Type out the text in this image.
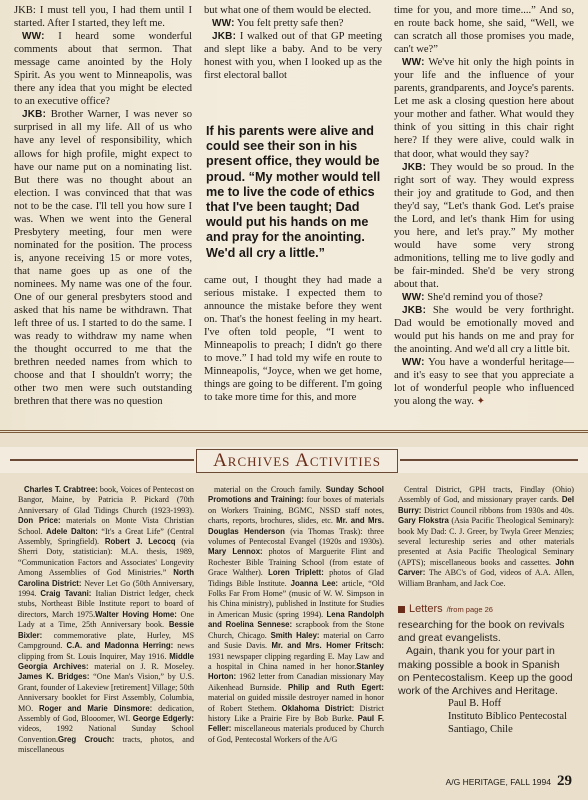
JKB: I must tell you, I had them until I started. After I started, they left me.

WW: I heard some wonderful comments about that sermon. That message came anointed by the Holy Spirit. As you went to Minneapolis, was there any idea that you might be elected to an executive office?

JKB: Brother Warner, I was never so surprised in all my life. All of us who have any level of responsibility, which allows for high profile, might expect to have our name put on a nominating list. But there was no thought about an election. I was convinced that that was not to be the case. I'll tell you how sure I was. When we went into the General Presbytery meeting, four men were nominated for the position. The process is, anyone receiving 15 or more votes, that name goes up as one of the nominees. My name was one of the four. One of our general presbyters stood and asked that his name be withdrawn. That left three of us. I started to do the same. I was ready to withdraw my name when the thought occurred to me that the brethren needed names from which to choose and that I shouldn't worry; the other two men were such outstanding brethren that there was no question

but what one of them would be elected.

WW: You felt pretty safe then?

JKB: I walked out of that GP meeting and slept like a baby. And to be very honest with you, when I looked up as the first electoral ballot

came out, I thought they had made a serious mistake. I expected them to announce the mistake before they went on. That's the honest feeling in my heart. I've often told people, “I went to Minneapolis to preach; I didn't go there to move.” I had told my wife en route to Minneapolis, “Joyce, when we get home, things are going to be different. I'm going to take more time for this, and more

If his parents were alive and could see their son in his present office, they would be proud. “My mother would tell me to live the code of ethics that I've been taught; Dad would put his hands on me and pray for the anointing. We'd all cry a little.”

time for you, and more time....” And so, en route back home, she said, “Well, we can scratch all those promises you made, can't we?”

WW: We've hit only the high points in your life and the influence of your parents, grandparents, and Joyce's parents. Let me ask a closing question here about your mother and father. What would they think of you sitting in this chair right here? If they were alive, could walk in that door, what would they say?

JKB: They would be so proud. In the right sort of way. They would express their joy and gratitude to God, and then they'd say, “Let's thank God. Let's praise the Lord, and let's thank Him for using you here, and let's pray.” My mother would have some very strong admonitions, telling me to live godly and be fair-minded. She'd be very strong about that.

WW: She'd remind you of those?

JKB: She would be very forthright. Dad would be emotionally moved and would put his hands on me and pray for the anointing. And we'd all cry a little bit.

WW: You have a wonderful heritage—and it's easy to see that you appreciate a lot of wonderful people who influenced you along the way. ✦

Archives Activities

Charles T. Crabtree: book, Voices of Pentecost on Bangor, Maine, by Patricia P. Pickard (70th Anniversary of Glad Tidings Church (1923-1993). Don Price: materials on Monte Vista Christian School. Adele Dalton: “It's a Great Life” (Central Assembly, Springfield). Robert J. Lecocq (via Sherri Doty, statistician): M.A. thesis, 1989, “Communication Factors and Associates' Longevity Among Assemblies of God Ministries.” North Carolina District: Never Let Go (50th Anniversary, 1994. Craig Tavani: Italian District ledger, check stubs, Northeast Bible Institute report to board of directors, March 1975.Walter Hoving Home: One Lady at a Time, 25th Anniversary book. Bessie Bixler: commemorative plate, Hurley, MS Campground. C.A. and Madonna Herring: news clipping from St. Louis Inquirer, May 1916. Middle Georgia Archives: material on J. R. Moseley. James K. Bridges: “One Man's Vision,” by U.S. Grant, founder of Lakeview [retirement] Village; 50th Anniversary booklet for First Assembly, Columbia, MO. Roger and Marie Dinsmore: dedication, Assembly of God, Blooomer, WI. George Edgerly: videos, 1992 National Sunday School Convention.Greg Crouch: tracts, photos, and miscellaneous

material on the Crouch family. Sunday School Promotions and Training: four boxes of materials on Workers Training, BGMC, NSSD staff notes, charts, reports, brochures, slides, etc. Mr. and Mrs. Douglas Henderson (via Thomas Trask): three volumes of Pentecostal Evangel (1920s and 1930s). Mary Lennox: photos of Marguerite Flint and Rochester Bible Training School (from estate of Grace Walther). Loren Triplett: photos of Glad Tidings Bible Institute. Joanna Lee: article, “Old Folks Far From Home” (music of W. W. Simpson in his China ministry), published in Institute for Studies in American Music (spring 1994). Lena Randolph and Roelina Sennese: scrapbook from the Stone Church, Chicago. Smith Haley: material on Carro and Susie Davis. Mr. and Mrs. Homer Fritsch: 1931 newspaper clipping regarding E. May Law and a hospital in China named in her honor.Stanley Horton: 1962 letter from Canadian missionary May Aikenhead Burnside. Philip and Ruth Egert: material on guided missile destroyer named in honor of Robert Stethem. Oklahoma District: District history Like a Prairie Fire by Bob Burke. Paul F. Feller: miscellaneous materials produced by Church of God, Pentecostal Workers of the A/G

Central District, GPH tracts, Findlay (Ohio) Assembly of God, and missionary prayer cards. Del Burry: District Council ribbons from 1930s and 40s. Gary Flokstra (Asia Pacific Theological Seminary): book My Dad: C. J. Greer, by Twyla Greer Menzies; several lectureship series and other materials presented at Asia Pacific Theological Seminary (APTS); miscellaneous books and cassettes. John Carver: The ABC's of God, videos of A.A. Allen, William Branham, and Jack Coe.

Letters /from page 26

researching for the book on revivals and great evangelists.

Again, thank you for your part in making possible a book in Spanish on Pentecostalism. Keep up the good work of the Archives and Heritage.

Paul B. Hoff
Instituto Bíblico Pentecostal
Santiago, Chile
A/G HERITAGE, FALL 1994 29
